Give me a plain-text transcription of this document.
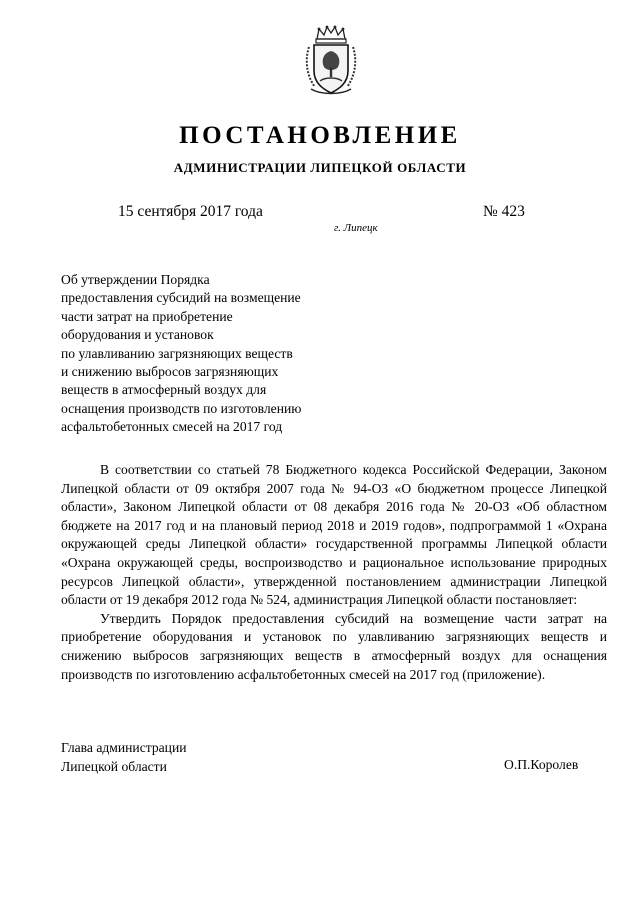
ПОСТАНОВЛЕНИЕ
АДМИНИСТРАЦИИ ЛИПЕЦКОЙ ОБЛАСТИ
15 сентября 2017 года	№ 423
г. Липецк
Об утверждении Порядка
предоставления субсидий на возмещение
части затрат на приобретение
оборудования и установок
по улавливанию загрязняющих веществ
и снижению выбросов загрязняющих
веществ в атмосферный воздух для
оснащения производств по изготовлению
асфальтобетонных смесей на 2017 год

В соответствии со статьей 78 Бюджетного кодекса Российской Федерации, Законом Липецкой области от 09 октября 2007 года № 94-ОЗ «О бюджетном процессе Липецкой области», Законом Липецкой области от 08 декабря 2016 года № 20-ОЗ «Об областном бюджете на 2017 год и на плановый период 2018 и 2019 годов», подпрограммой 1 «Охрана окружающей среды Липецкой области» государственной программы Липецкой области «Охрана окружающей среды, воспроизводство и рациональное использование природных ресурсов Липецкой области», утвержденной постановлением администрации Липецкой области от 19 декабря 2012 года № 524, администрация Липецкой области постановляет:

Утвердить Порядок предоставления субсидий на возмещение части затрат на приобретение оборудования и установок по улавливанию загрязняющих веществ и снижению выбросов загрязняющих веществ в атмосферный воздух для оснащения производств по изготовлению асфальтобетонных смесей на 2017 год (приложение).

Глава администрации
Липецкой области	О.П.Королев
